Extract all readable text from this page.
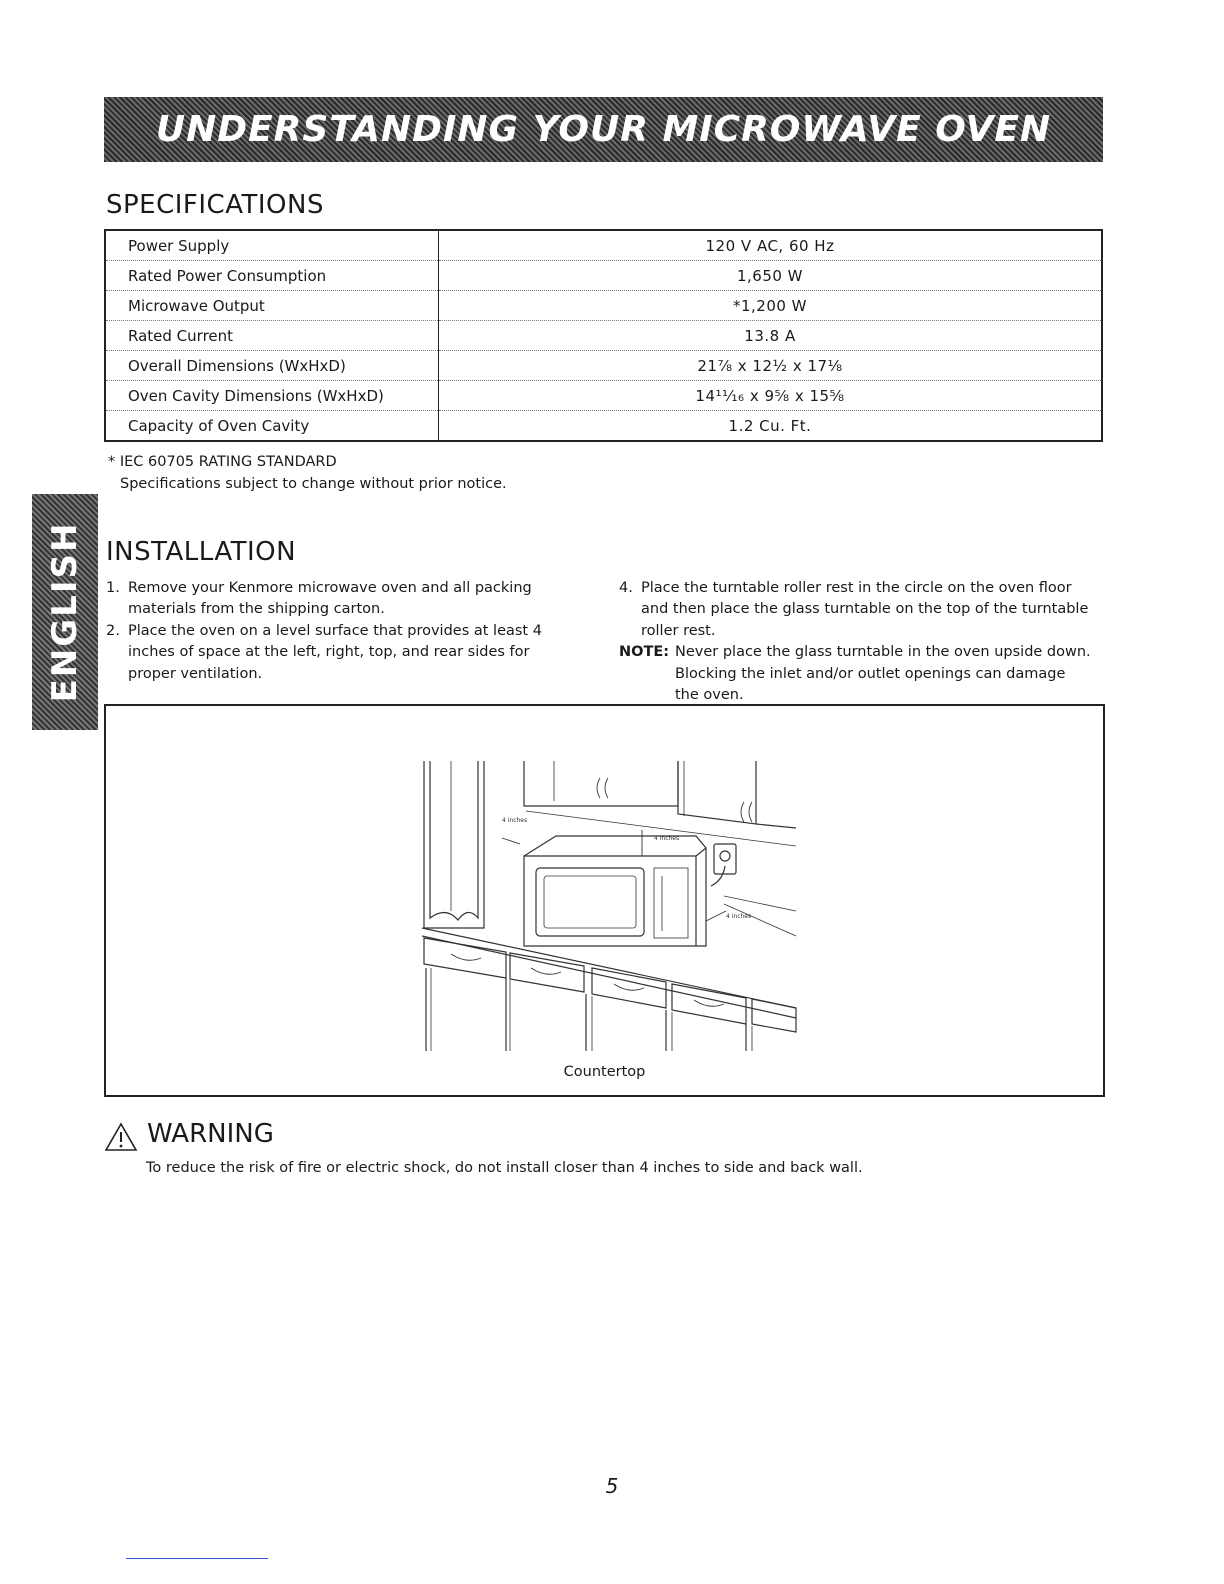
UNDERSTANDING YOUR MICROWAVE OVEN
SPECIFICATIONS
Power Supply	120 V AC, 60 Hz
Rated Power Consumption	1,650 W
Microwave Output	*1,200 W
Rated Current	13.8 A
Overall Dimensions (WxHxD)	21⅞ x 12½ x 17⅛
Oven Cavity Dimensions (WxHxD)	14¹¹⁄₁₆ x 9⅝ x 15⅝
Capacity of Oven Cavity	1.2 Cu. Ft.
* IEC 60705 RATING STANDARD
Specifications subject to change without prior notice.
ENGLISH INSTALLATION
1. Remove your Kenmore microwave oven and all packing materials from the shipping carton.
2. Place the oven on a level surface that provides at least 4 inches of space at the left, right, top, and rear sides for proper ventilation.
4. Place the turntable roller rest in the circle on the oven floor and then place the glass turntable on the top of the turntable roller rest.
NOTE: Never place the glass turntable in the oven upside down. Blocking the inlet and/or outlet openings can damage the oven.
4 inches
4 inches
4 inches
Countertop
WARNING
To reduce the risk of fire or electric shock, do not install closer than 4 inches to side and back wall.
5
